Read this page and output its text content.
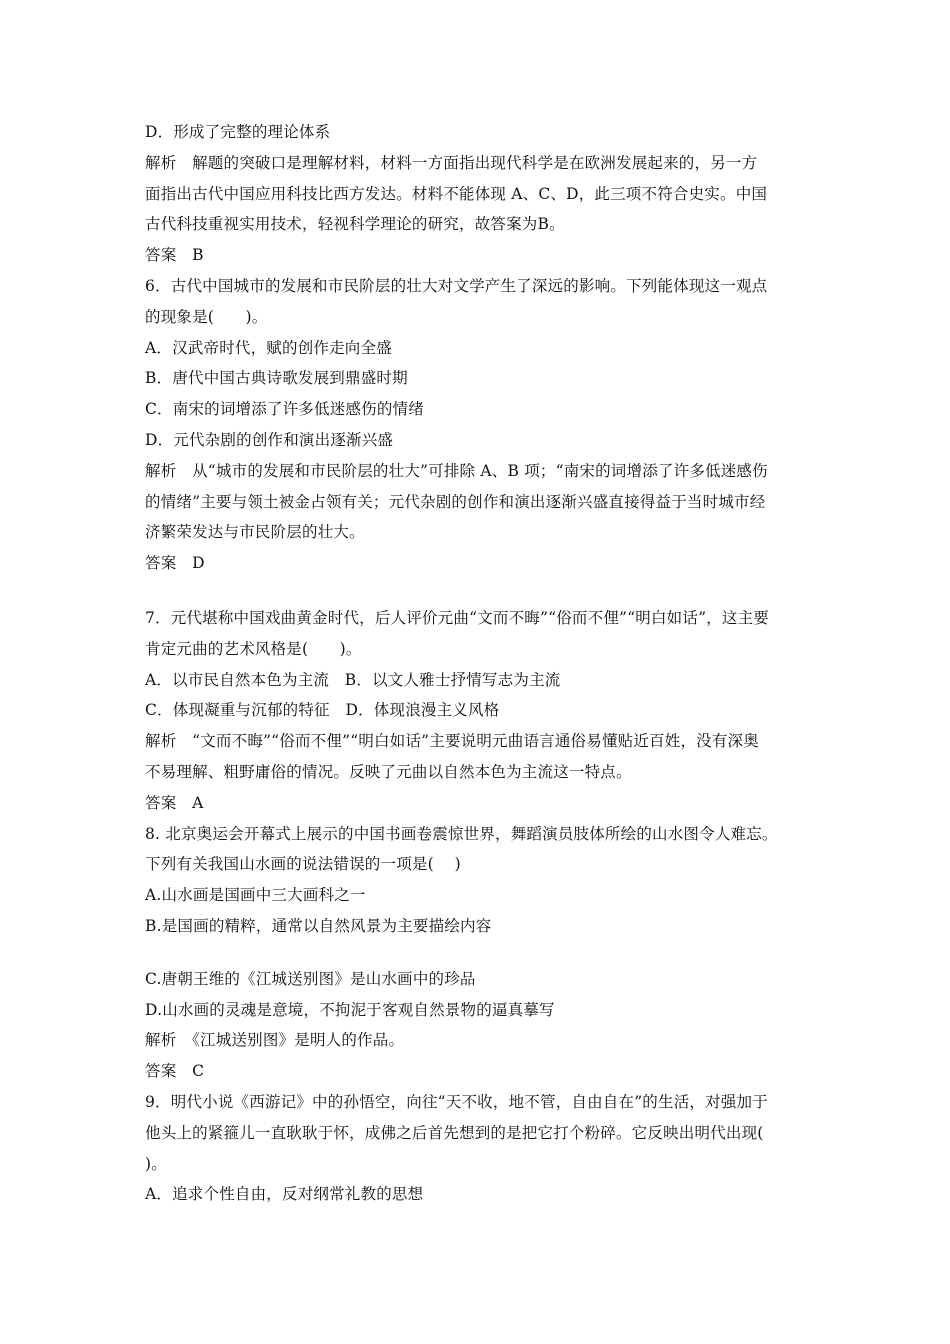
D．形成了完整的理论体系
解析　解题的突破口是理解材料，材料一方面指出现代科学是在欧洲发展起来的，另一方
面指出古代中国应用科技比西方发达。材料不能体现 A、C、D，此三项不符合史实。中国
古代科技重视实用技术，轻视科学理论的研究，故答案为B。
答案　B
6．古代中国城市的发展和市民阶层的壮大对文学产生了深远的影响。下列能体现这一观点
的现象是(　　)。
A．汉武帝时代，赋的创作走向全盛
B．唐代中国古典诗歌发展到鼎盛时期
C．南宋的词增添了许多低迷感伤的情绪
D．元代杂剧的创作和演出逐渐兴盛
解析　从“城市的发展和市民阶层的壮大”可排除 A、B 项；“南宋的词增添了许多低迷感伤
的情绪”主要与领土被金占领有关；元代杂剧的创作和演出逐渐兴盛直接得益于当时城市经
济繁荣发达与市民阶层的壮大。
答案　D
7．元代堪称中国戏曲黄金时代，后人评价元曲“文而不晦”“俗而不俚”“明白如话”，这主要
肯定元曲的艺术风格是(　　)。
A．以市民自然本色为主流　B．以文人雅士抒情写志为主流
C．体现凝重与沉郁的特征　D．体现浪漫主义风格
解析　“文而不晦”“俗而不俚”“明白如话”主要说明元曲语言通俗易懂贴近百姓，没有深奥
不易理解、粗野庸俗的情况。反映了元曲以自然本色为主流这一特点。
答案　A
8. 北京奥运会开幕式上展示的中国书画卷震惊世界，舞蹈演员肢体所绘的山水图令人难忘。
下列有关我国山水画的说法错误的一项是(　 )
A.山水画是国画中三大画科之一
B.是国画的精粹，通常以自然风景为主要描绘内容
C.唐朝王维的《江城送别图》是山水画中的珍品
D.山水画的灵魂是意境，不拘泥于客观自然景物的逼真摹写
解析　《江城送别图》是明人的作品。
答案　C
9．明代小说《西游记》中的孙悟空，向往“天不收，地不管，自由自在”的生活，对强加于
他头上的紧箍儿一直耿耿于怀，成佛之后首先想到的是把它打个粉碎。它反映出明代出现(
)。
A．追求个性自由，反对纲常礼教的思想
